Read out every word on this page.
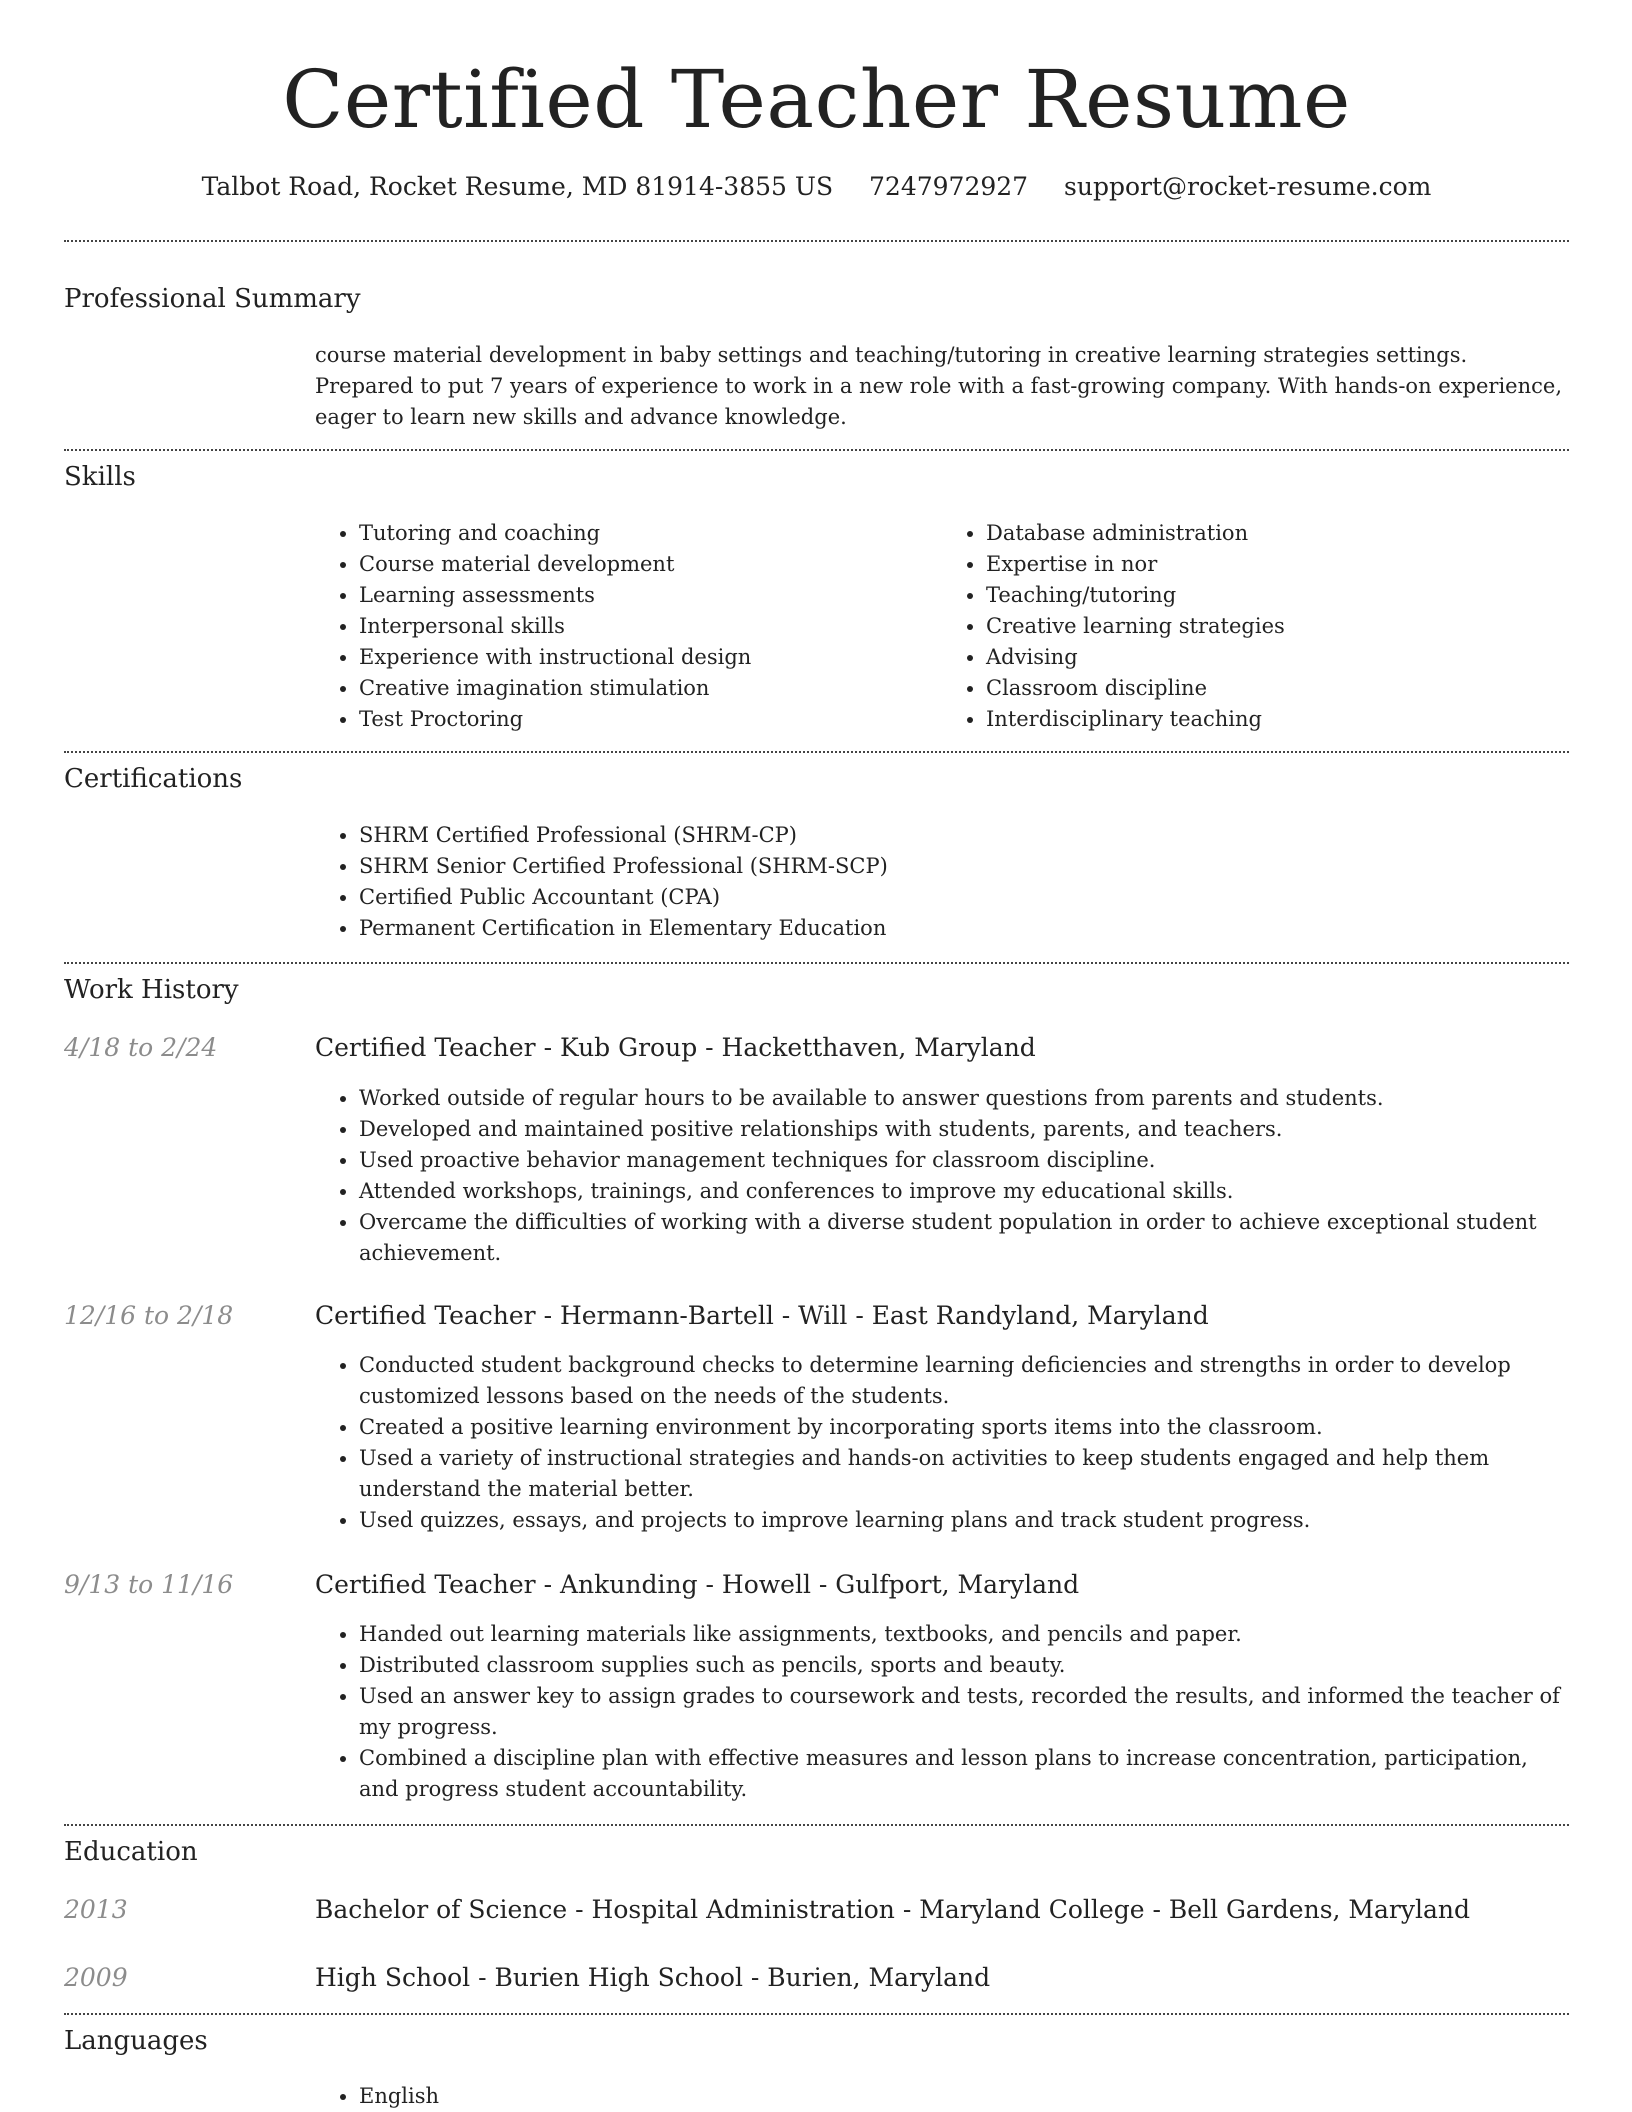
Certified Teacher Resume
Talbot Road, Rocket Resume, MD 81914-3855 US 7247972927 support@rocket-resume.com
Professional Summary

course material development in baby settings and teaching/tutoring in creative learning strategies settings. Prepared to put 7 years of experience to work in a new role with a fast-growing company. With hands-on experience, eager to learn new skills and advance knowledge.

Skills
• Tutoring and coaching
• Course material development
• Learning assessments
• Interpersonal skills
• Experience with instructional design
• Creative imagination stimulation
• Test Proctoring
• Database administration
• Expertise in nor
• Teaching/tutoring
• Creative learning strategies
• Advising
• Classroom discipline
• Interdisciplinary teaching
Certifications
• SHRM Certified Professional (SHRM-CP)
• SHRM Senior Certified Professional (SHRM-SCP)
• Certified Public Accountant (CPA)
• Permanent Certification in Elementary Education
Work History
4/18 to 2/24	Certified Teacher - Kub Group - Hacketthaven, Maryland
• Worked outside of regular hours to be available to answer questions from parents and students.
• Developed and maintained positive relationships with students, parents, and teachers.
• Used proactive behavior management techniques for classroom discipline.
• Attended workshops, trainings, and conferences to improve my educational skills.
• Overcame the difficulties of working with a diverse student population in order to achieve exceptional student achievement.
12/16 to 2/18	Certified Teacher - Hermann-Bartell - Will - East Randyland, Maryland
• Conducted student background checks to determine learning deficiencies and strengths in order to develop customized lessons based on the needs of the students.
• Created a positive learning environment by incorporating sports items into the classroom.
• Used a variety of instructional strategies and hands-on activities to keep students engaged and help them understand the material better.
• Used quizzes, essays, and projects to improve learning plans and track student progress.
9/13 to 11/16	Certified Teacher - Ankunding - Howell - Gulfport, Maryland
• Handed out learning materials like assignments, textbooks, and pencils and paper.
• Distributed classroom supplies such as pencils, sports and beauty.
• Used an answer key to assign grades to coursework and tests, recorded the results, and informed the teacher of my progress.
• Combined a discipline plan with effective measures and lesson plans to increase concentration, participation, and progress student accountability.
Education
2013	Bachelor of Science - Hospital Administration - Maryland College - Bell Gardens, Maryland
2009	High School - Burien High School - Burien, Maryland
Languages
• English
